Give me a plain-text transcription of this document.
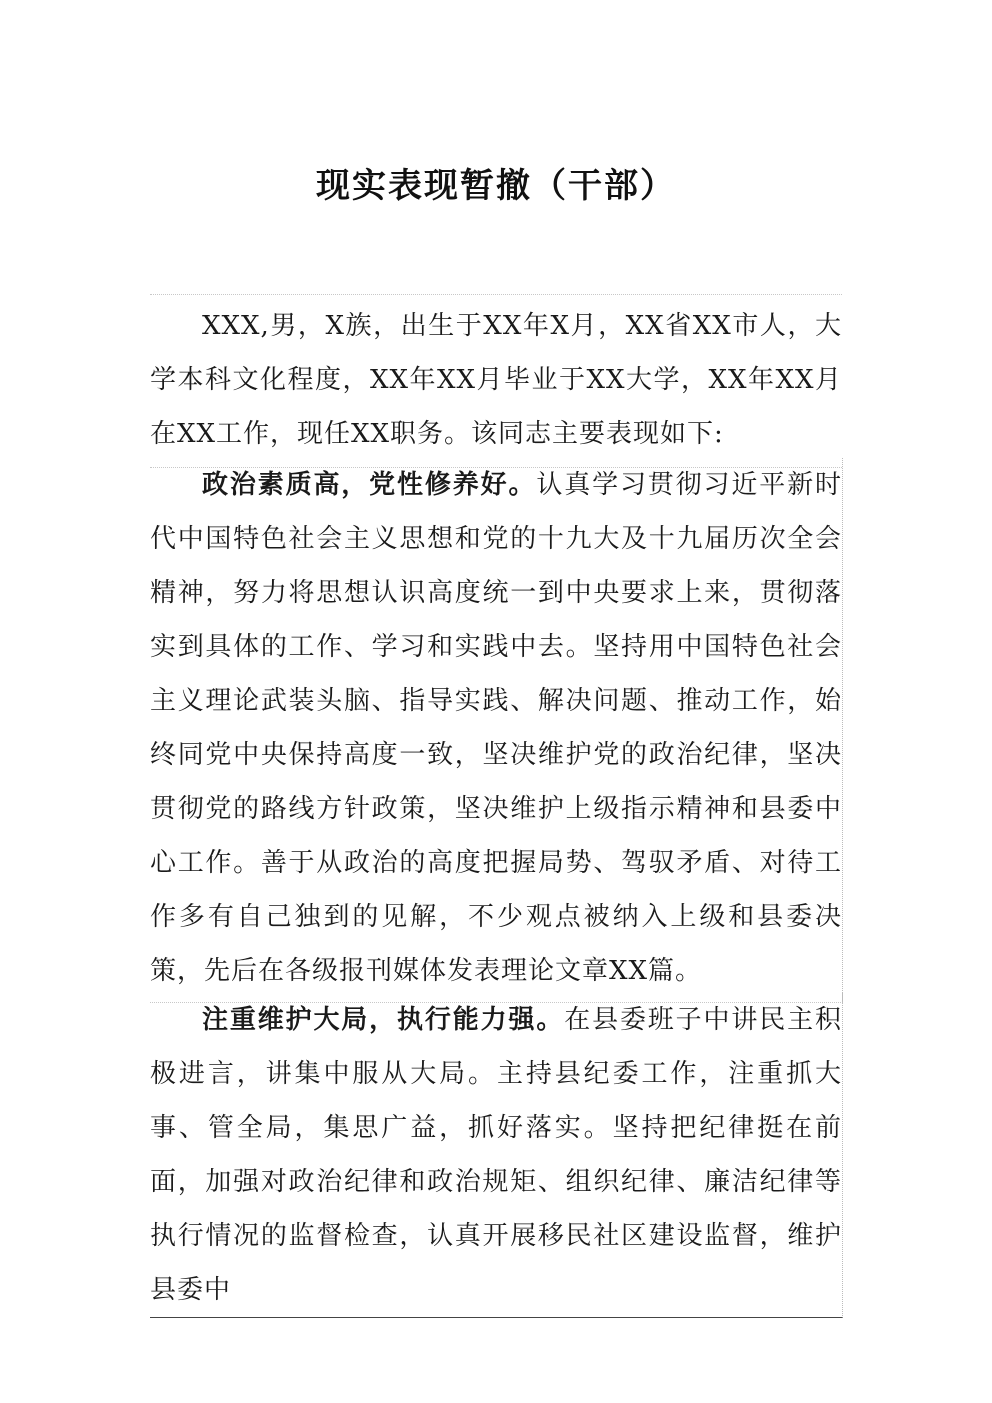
现实表现暂撤（干部）

XXX,男，X族，出生于XX年X月，XX省XX市人，大学本科文化程度，XX年XX月毕业于XX大学，XX年XX月在XX工作，现任XX职务。该同志主要表现如下:

政治素质高，党性修养好。认真学习贯彻习近平新时代中国特色社会主义思想和党的十九大及十九届历次全会精神，努力将思想认识高度统一到中央要求上来，贯彻落实到具体的工作、学习和实践中去。坚持用中国特色社会主义理论武装头脑、指导实践、解决问题、推动工作，始终同党中央保持高度一致，坚决维护党的政治纪律，坚决贯彻党的路线方针政策，坚决维护上级指示精神和县委中心工作。善于从政治的高度把握局势、驾驭矛盾、对待工作多有自己独到的见解，不少观点被纳入上级和县委决策，先后在各级报刊媒体发表理论文章XX篇。

注重维护大局，执行能力强。在县委班子中讲民主积极进言，讲集中服从大局。主持县纪委工作，注重抓大事、管全局，集思广益，抓好落实。坚持把纪律挺在前面，加强对政治纪律和政治规矩、组织纪律、廉洁纪律等执行情况的监督检查，认真开展移民社区建设监督，维护县委中
